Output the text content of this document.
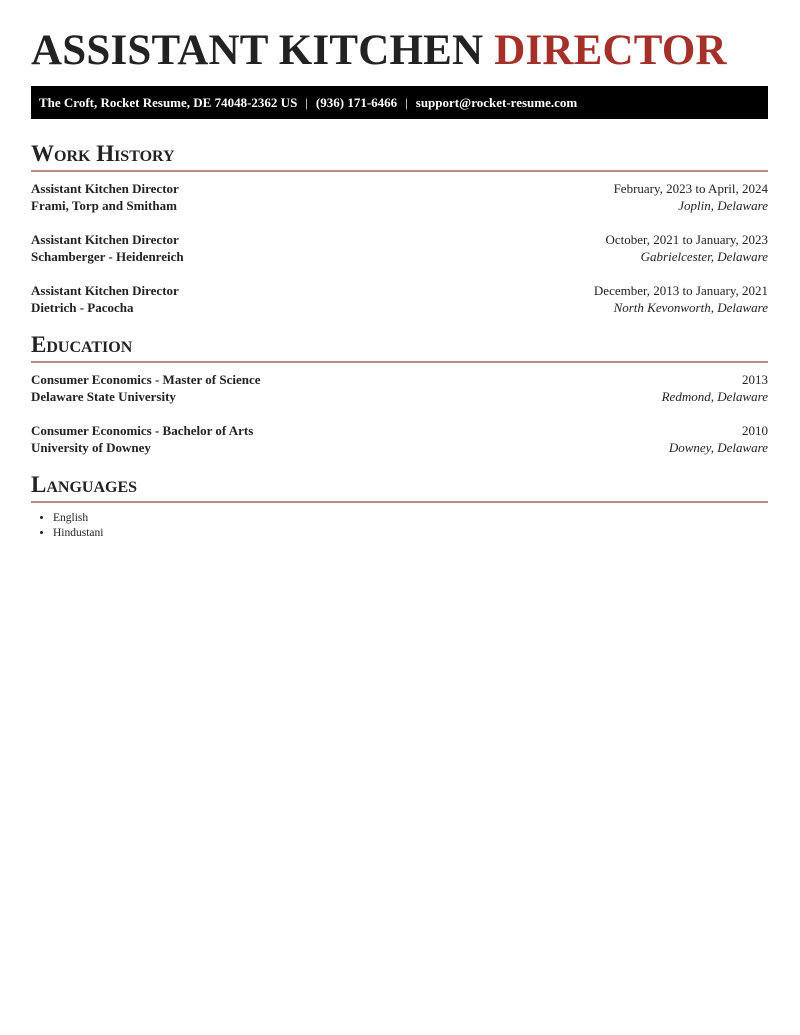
ASSISTANT KITCHEN DIRECTOR
The Croft, Rocket Resume, DE 74048-2362 US | (936) 171-6466 | support@rocket-resume.com
Work History
Assistant Kitchen Director
Frami, Torp and Smitham
February, 2023 to April, 2024
Joplin, Delaware
Assistant Kitchen Director
Schamberger - Heidenreich
October, 2021 to January, 2023
Gabrielcester, Delaware
Assistant Kitchen Director
Dietrich - Pacocha
December, 2013 to January, 2021
North Kevonworth, Delaware
Education
Consumer Economics - Master of Science
Delaware State University
2013
Redmond, Delaware
Consumer Economics - Bachelor of Arts
University of Downey
2010
Downey, Delaware
Languages
• English
• Hindustani
